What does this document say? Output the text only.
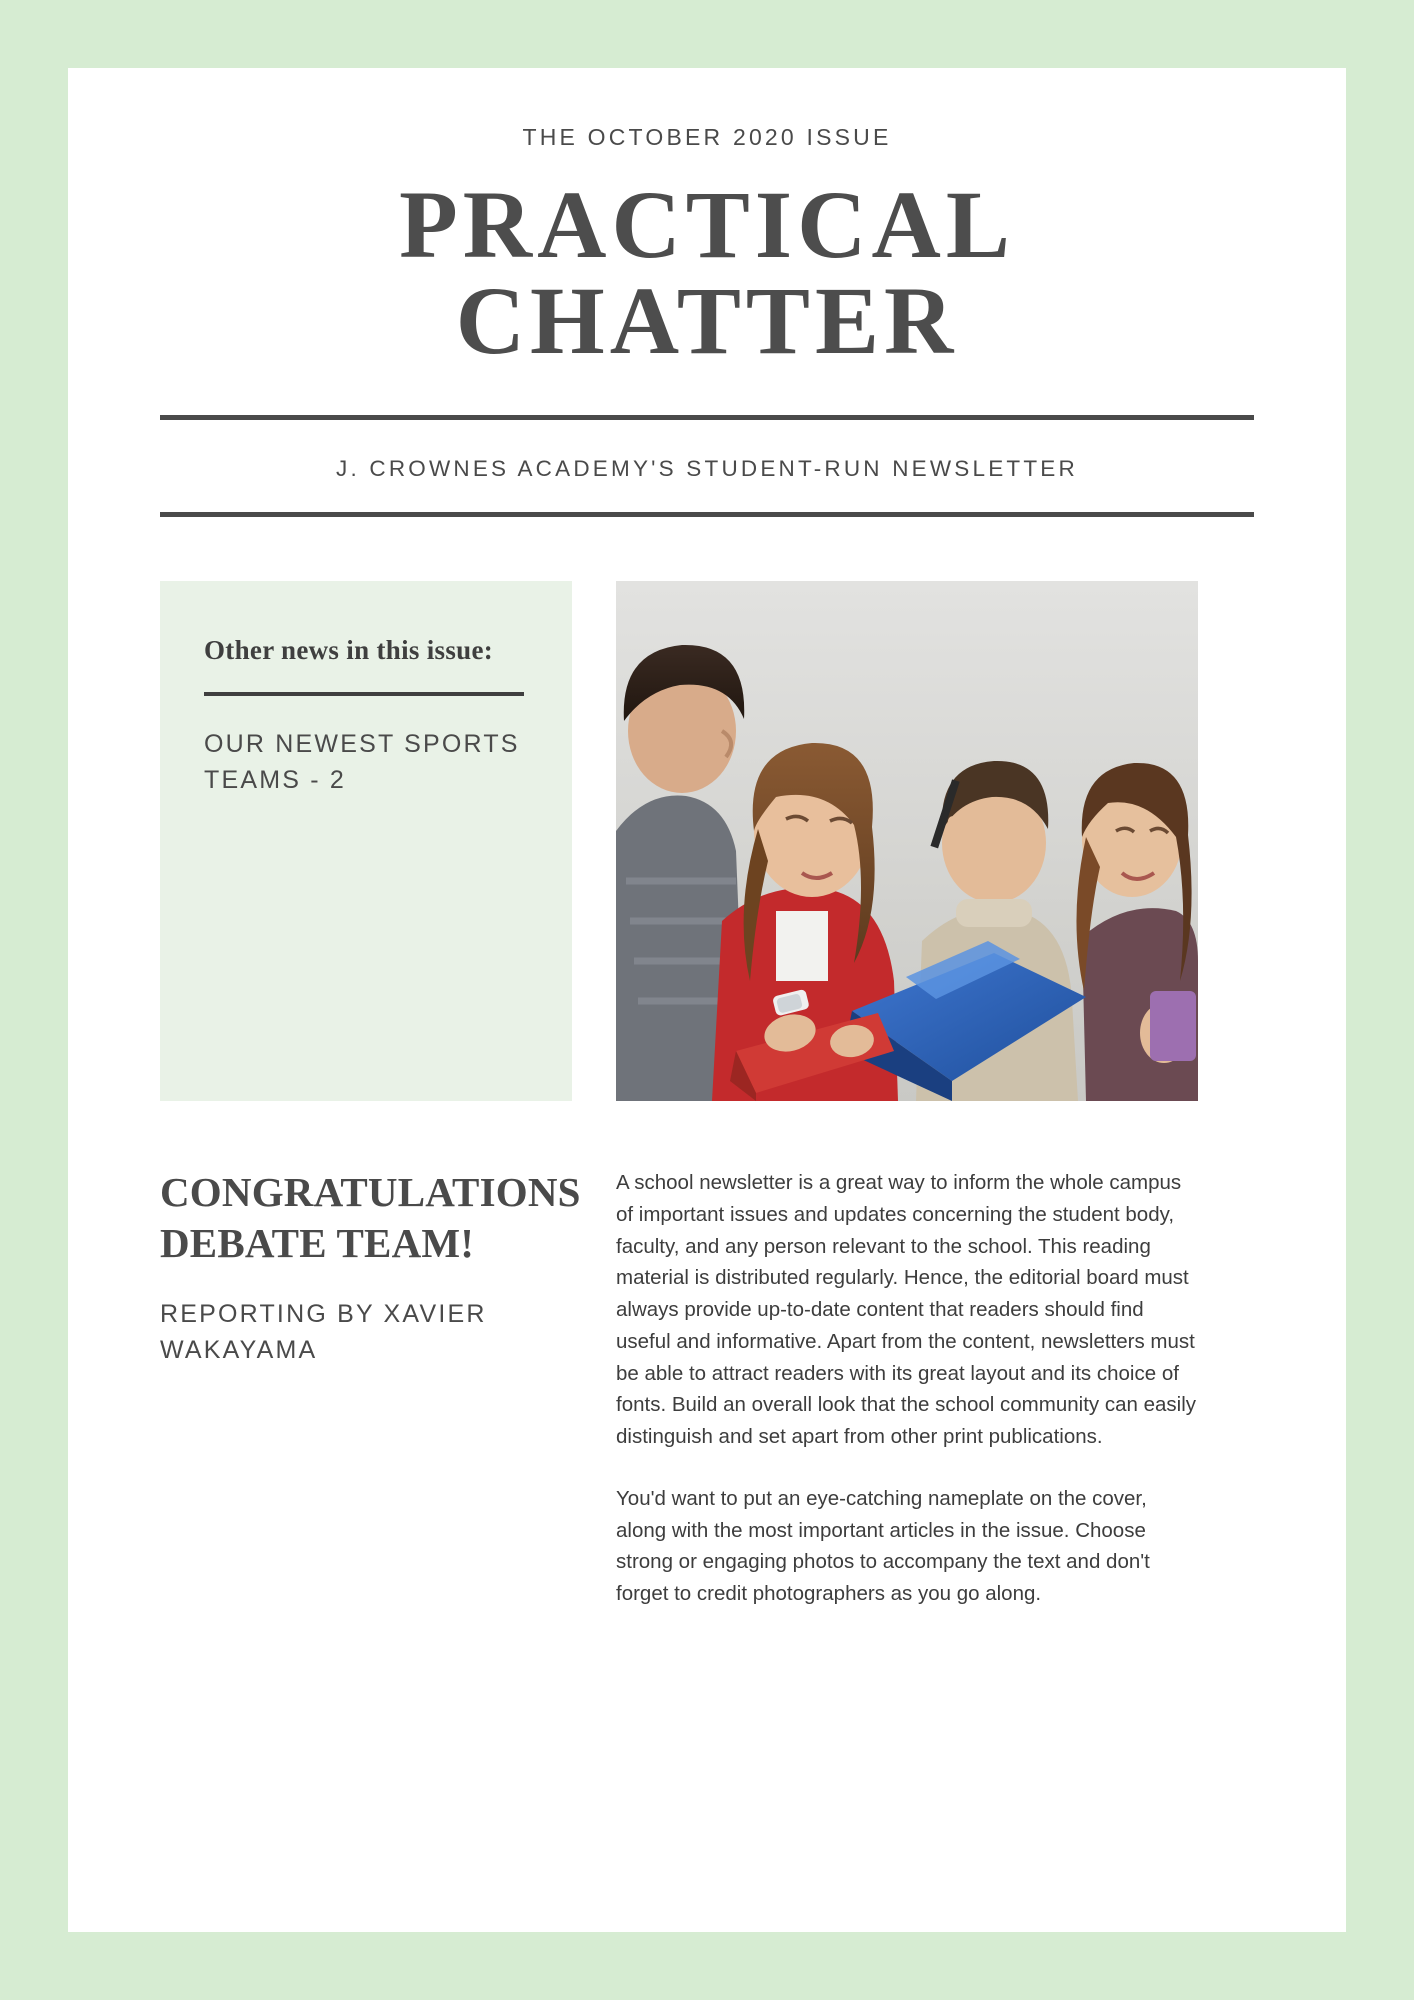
THE OCTOBER 2020 ISSUE
PRACTICAL
CHATTER
J. CROWNES ACADEMY'S STUDENT-RUN NEWSLETTER
Other news in this issue:
OUR NEWEST SPORTS TEAMS - 2
CONGRATULATIONS DEBATE TEAM!
REPORTING BY XAVIER WAKAYAMA

A school newsletter is a great way to inform the whole campus of important issues and updates concerning the student body, faculty, and any person relevant to the school. This reading material is distributed regularly. Hence, the editorial board must always provide up-to-date content that readers should find useful and informative. Apart from the content, newsletters must be able to attract readers with its great layout and its choice of fonts. Build an overall look that the school community can easily distinguish and set apart from other print publications.

You'd want to put an eye-catching nameplate on the cover, along with the most important articles in the issue. Choose strong or engaging photos to accompany the text and don't forget to credit photographers as you go along.
